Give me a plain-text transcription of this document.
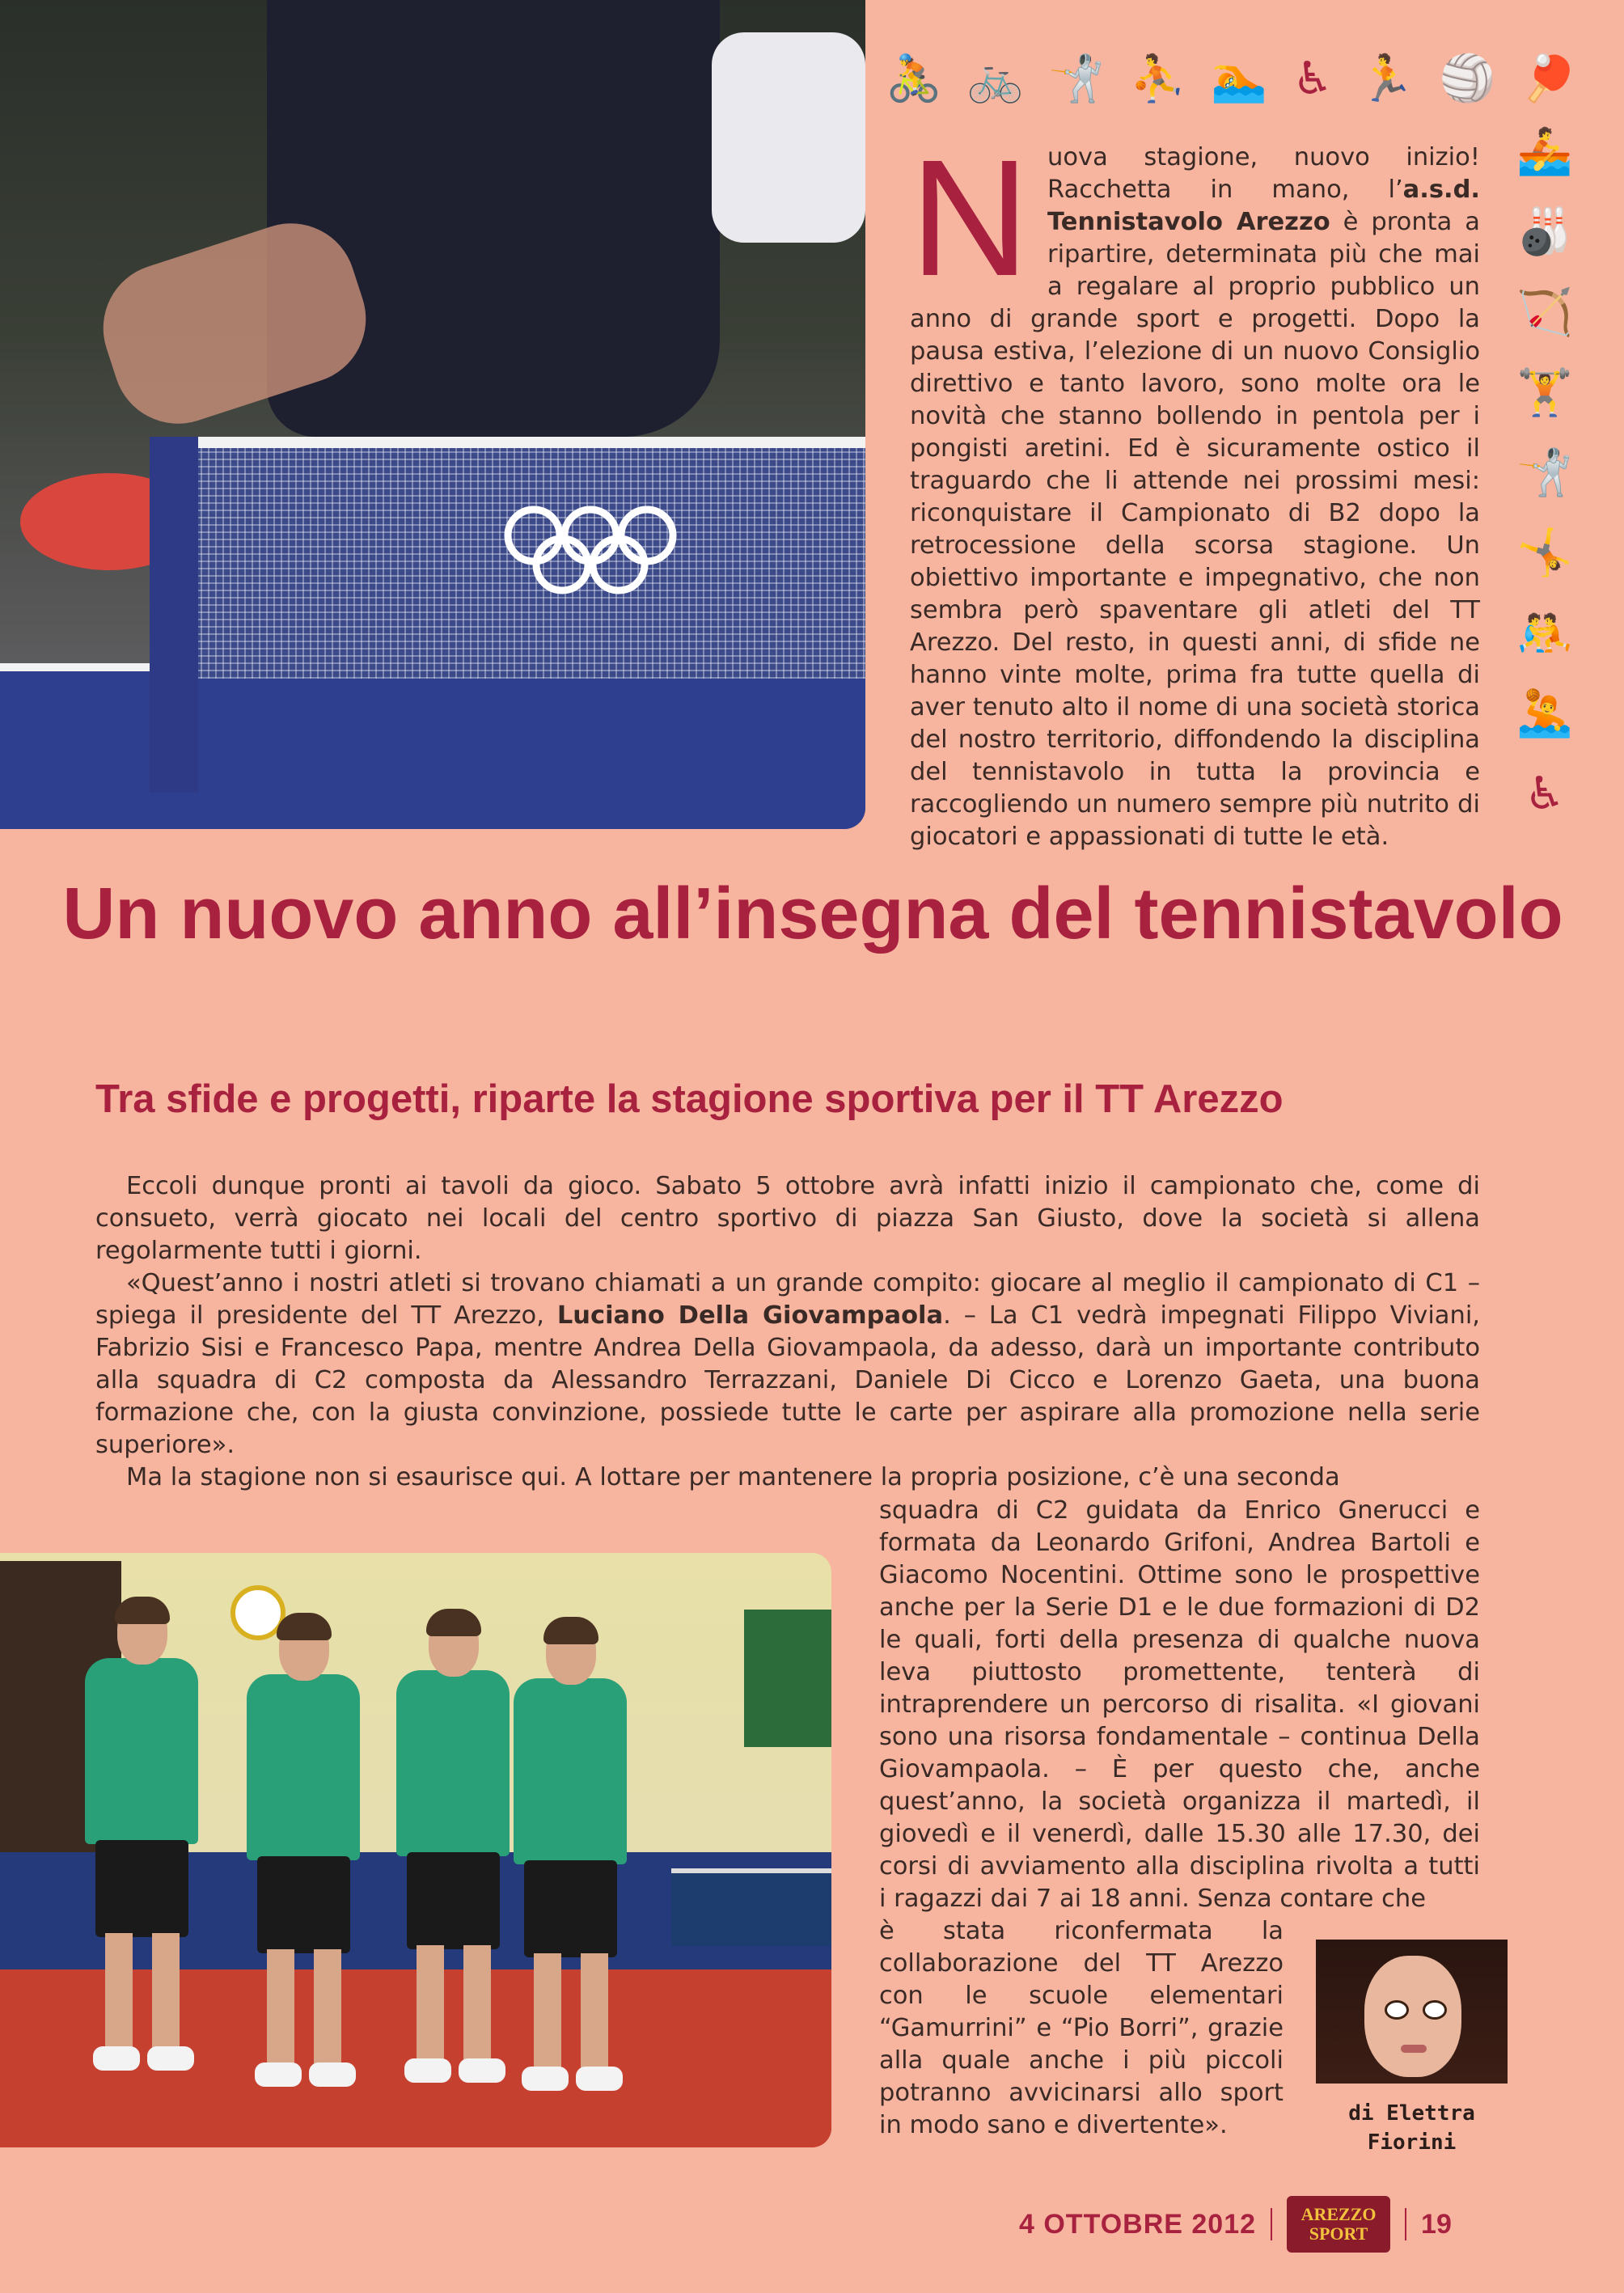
🚴 🚲 🤺 ⛹ 🏊 ♿ 🏃 🏐 🏓
🚣
🎳
🏹
🏋
🤺
🤸
🤼
🤽
♿
Nuova stagione, nuovo inizio! Racchetta in mano, l’a.s.d. Tennistavolo Arezzo è pronta a ripartire, determinata più che mai a regalare al proprio pubblico un anno di grande sport e progetti. Dopo la pausa estiva, l’elezione di un nuovo Consiglio direttivo e tanto lavoro, sono molte ora le novità che stanno bollendo in pentola per i pongisti aretini. Ed è sicuramente ostico il traguardo che li attende nei prossimi mesi: riconquistare il Campionato di B2 dopo la retrocessione della scorsa stagione. Un obiettivo importante e impegnativo, che non sembra però spaventare gli atleti del TT Arezzo. Del resto, in questi anni, di sfide ne hanno vinte molte, prima fra tutte quella di aver tenuto alto il nome di una società storica del nostro territorio, diffondendo la disciplina del tennistavolo in tutta la provincia e raccogliendo un numero sempre più nutrito di giocatori e appassionati di tutte le età.
Un nuovo anno all’insegna del tennistavolo
Tra sfide e progetti, riparte la stagione sportiva per il TT Arezzo

Eccoli dunque pronti ai tavoli da gioco. Sabato 5 ottobre avrà infatti inizio il campionato che, come di consueto, verrà giocato nei locali del centro sportivo di piazza San Giusto, dove la società si allena regolarmente tutti i giorni.

«Quest’anno i nostri atleti si trovano chiamati a un grande compito: giocare al meglio il campionato di C1 – spiega il presidente del TT Arezzo, Luciano Della Giovampaola. – La C1 vedrà impegnati Filippo Viviani, Fabrizio Sisi e Francesco Papa, mentre Andrea Della Giovampaola, da adesso, darà un importante contributo alla squadra di C2 composta da Alessandro Terrazzani, Daniele Di Cicco e Lorenzo Gaeta, una buona formazione che, con la giusta convinzione, possiede tutte le carte per aspirare alla promozione nella serie superiore».

Ma la stagione non si esaurisce qui. A lottare per mantenere la propria posizione, c’è una seconda

squadra di C2 guidata da Enrico Gnerucci e formata da Leonardo Grifoni, Andrea Bartoli e Giacomo Nocentini. Ottime sono le prospettive anche per la Serie D1 e le due formazioni di D2 le quali, forti della presenza di qualche nuova leva piuttosto promettente, tenterà di intraprendere un percorso di risalita. «I giovani sono una risorsa fondamentale – continua Della Giovampaola. – È per questo che, anche quest’anno, la società organizza il martedì, il giovedì e il venerdì, dalle 15.30 alle 17.30, dei corsi di avviamento alla disciplina rivolta a tutti i ragazzi dai 7 ai 18 anni. Senza contare che
è stata riconfermata la collaborazione del TT Arezzo con le scuole elementari “Gamurrini” e “Pio Borri”, grazie alla quale anche i più piccoli potranno avvicinarsi allo sport in modo sano e divertente».	di Elettra
Fiorini
4 OTTOBRE 2012	AREZZO
SPORT 19
